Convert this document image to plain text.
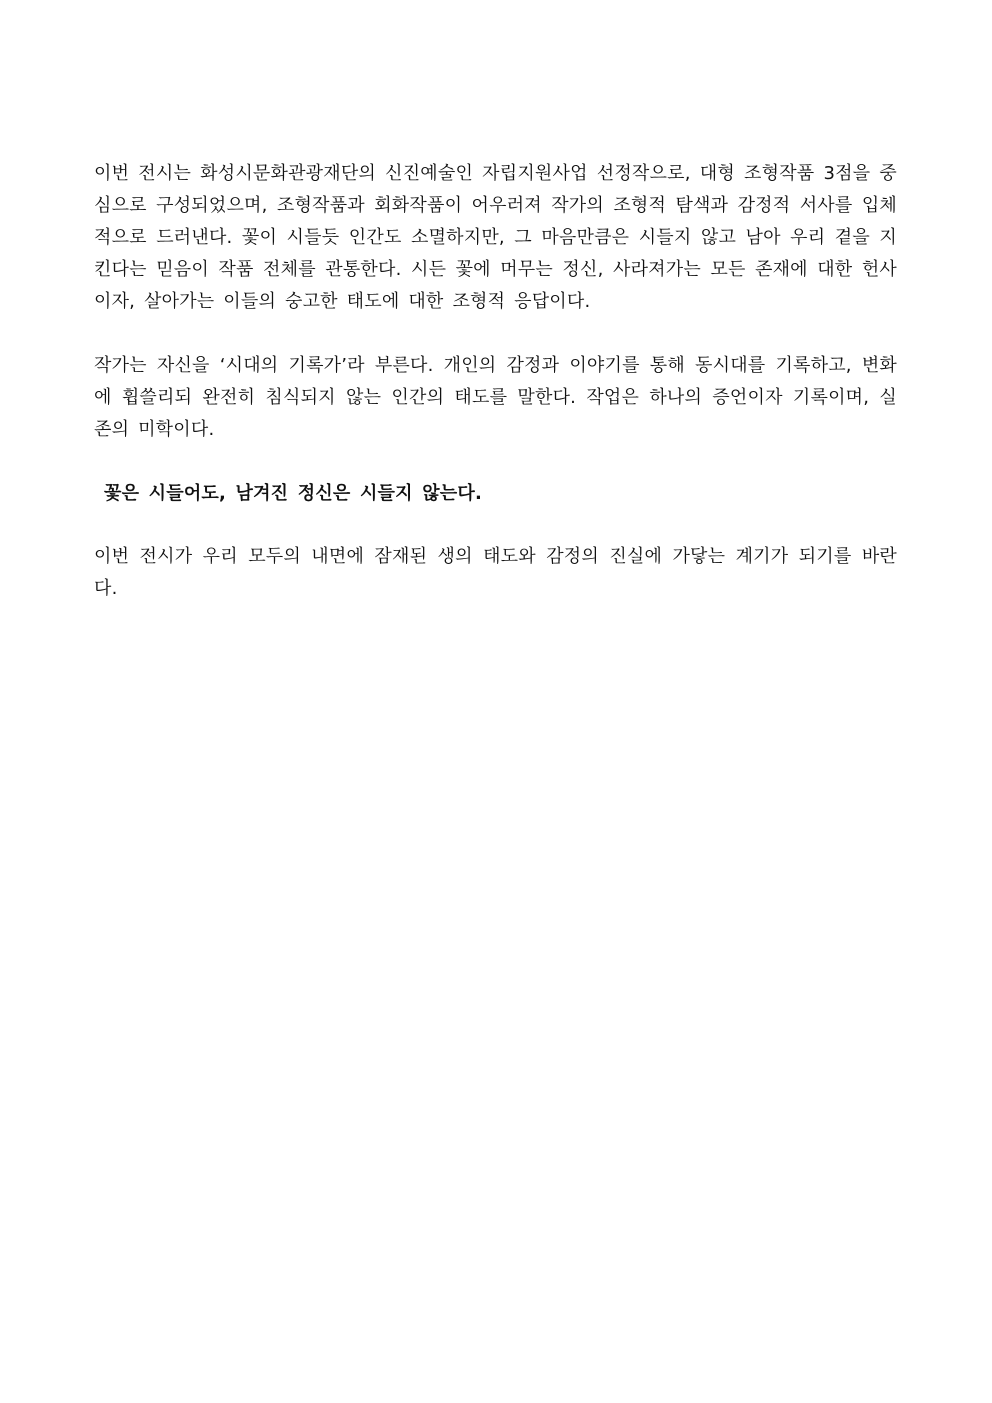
이번 전시는 화성시문화관광재단의 신진예술인 자립지원사업 선정작으로, 대형 조형작품 3점을 중심으로 구성되었으며, 조형작품과 회화작품이 어우러져 작가의 조형적 탐색과 감정적 서사를 입체적으로 드러낸다. 꽃이 시들듯 인간도 소멸하지만, 그 마음만큼은 시들지 않고 남아 우리 곁을 지킨다는 믿음이 작품 전체를 관통한다. 시든 꽃에 머무는 정신, 사라져가는 모든 존재에 대한 헌사이자, 살아가는 이들의 숭고한 태도에 대한 조형적 응답이다.

작가는 자신을 ‘시대의 기록가’라 부른다. 개인의 감정과 이야기를 통해 동시대를 기록하고, 변화에 휩쓸리되 완전히 침식되지 않는 인간의 태도를 말한다. 작업은 하나의 증언이자 기록이며, 실존의 미학이다.

꽃은 시들어도, 남겨진 정신은 시들지 않는다.

이번 전시가 우리 모두의 내면에 잠재된 생의 태도와 감정의 진실에 가닿는 계기가 되기를 바란다.
